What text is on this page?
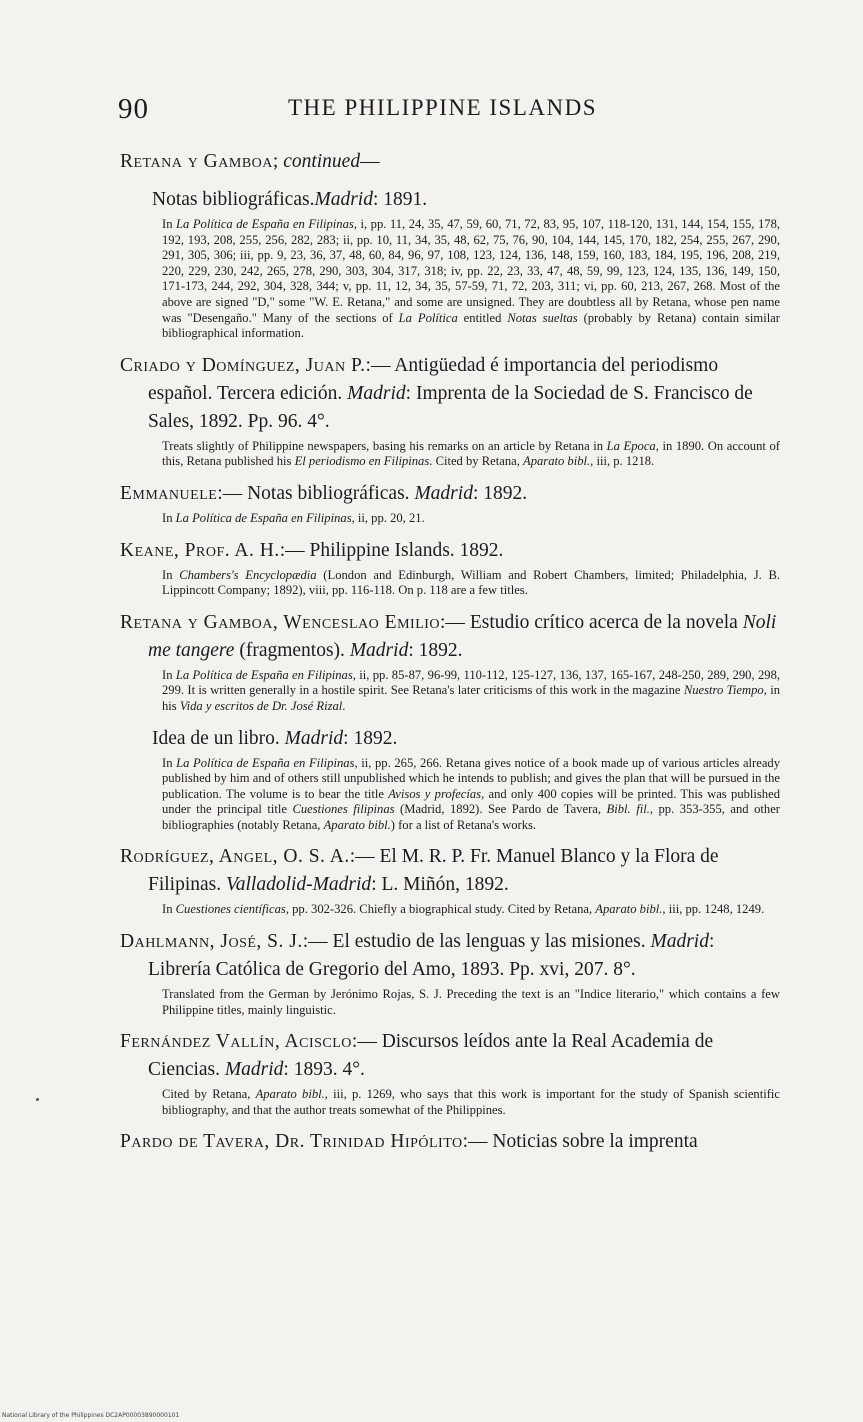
90	THE PHILIPPINE ISLANDS

Retana y Gamboa; continued—

Notas bibliográficas.Madrid: 1891.

In La Política de España en Filipinas, i, pp. 11, 24, 35, 47, 59, 60, 71, 72, 83, 95, 107, 118-120, 131, 144, 154, 155, 178, 192, 193, 208, 255, 256, 282, 283; ii, pp. 10, 11, 34, 35, 48, 62, 75, 76, 90, 104, 144, 145, 170, 182, 254, 255, 267, 290, 291, 305, 306; iii, pp. 9, 23, 36, 37, 48, 60, 84, 96, 97, 108, 123, 124, 136, 148, 159, 160, 183, 184, 195, 196, 208, 219, 220, 229, 230, 242, 265, 278, 290, 303, 304, 317, 318; iv, pp. 22, 23, 33, 47, 48, 59, 99, 123, 124, 135, 136, 149, 150, 171-173, 244, 292, 304, 328, 344; v, pp. 11, 12, 34, 35, 57-59, 71, 72, 203, 311; vi, pp. 60, 213, 267, 268. Most of the above are signed "D," some "W. E. Retana," and some are unsigned. They are doubtless all by Retana, whose pen name was "Desengaño." Many of the sections of La Política entitled Notas sueltas (probably by Retana) contain similar bibliographical information.

Criado y Domínguez, Juan P.:— Antigüedad é importancia del periodismo español. Tercera edición. Madrid: Imprenta de la Sociedad de S. Francisco de Sales, 1892. Pp. 96. 4°.

Treats slightly of Philippine newspapers, basing his remarks on an article by Retana in La Epoca, in 1890. On account of this, Retana published his El periodismo en Filipinas. Cited by Retana, Aparato bibl., iii, p. 1218.

Emmanuele:— Notas bibliográficas. Madrid: 1892.

In La Política de España en Filipinas, ii, pp. 20, 21.

Keane, Prof. A. H.:— Philippine Islands. 1892.

In Chambers's Encyclopædia (London and Edinburgh, William and Robert Chambers, limited; Philadelphia, J. B. Lippincott Company; 1892), viii, pp. 116-118. On p. 118 are a few titles.

Retana y Gamboa, Wenceslao Emilio:— Estudio crítico acerca de la novela Noli me tangere (fragmentos). Madrid: 1892.

In La Política de España en Filipinas, ii, pp. 85-87, 96-99, 110-112, 125-127, 136, 137, 165-167, 248-250, 289, 290, 298, 299. It is written generally in a hostile spirit. See Retana's later criticisms of this work in the magazine Nuestro Tiempo, in his Vida y escritos de Dr. José Rizal.

Idea de un libro. Madrid: 1892.

In La Política de España en Filipinas, ii, pp. 265, 266. Retana gives notice of a book made up of various articles already published by him and of others still unpublished which he intends to publish; and gives the plan that will be pursued in the publication. The volume is to bear the title Avisos y profecías, and only 400 copies will be printed. This was published under the principal title Cuestiones filipinas (Madrid, 1892). See Pardo de Tavera, Bibl. fil., pp. 353-355, and other bibliographies (notably Retana, Aparato bibl.) for a list of Retana's works.

Rodríguez, Angel, O. S. A.:— El M. R. P. Fr. Manuel Blanco y la Flora de Filipinas. Valladolid-Madrid: L. Miñón, 1892.

In Cuestiones científicas, pp. 302-326. Chiefly a biographical study. Cited by Retana, Aparato bibl., iii, pp. 1248, 1249.

Dahlmann, José, S. J.:— El estudio de las lenguas y las misiones. Madrid: Librería Católica de Gregorio del Amo, 1893. Pp. xvi, 207. 8°.

Translated from the German by Jerónimo Rojas, S. J. Preceding the text is an "Indice literario," which contains a few Philippine titles, mainly linguistic.

Fernández Vallín, Acisclo:— Discursos leídos ante la Real Academia de Ciencias. Madrid: 1893. 4°.

Cited by Retana, Aparato bibl., iii, p. 1269, who says that this work is important for the study of Spanish scientific bibliography, and that the author treats somewhat of the Philippines.

Pardo de Tavera, Dr. Trinidad Hipólito:— Noticias sobre la imprenta

National Library of the Philippines DC2AP00003890000101
